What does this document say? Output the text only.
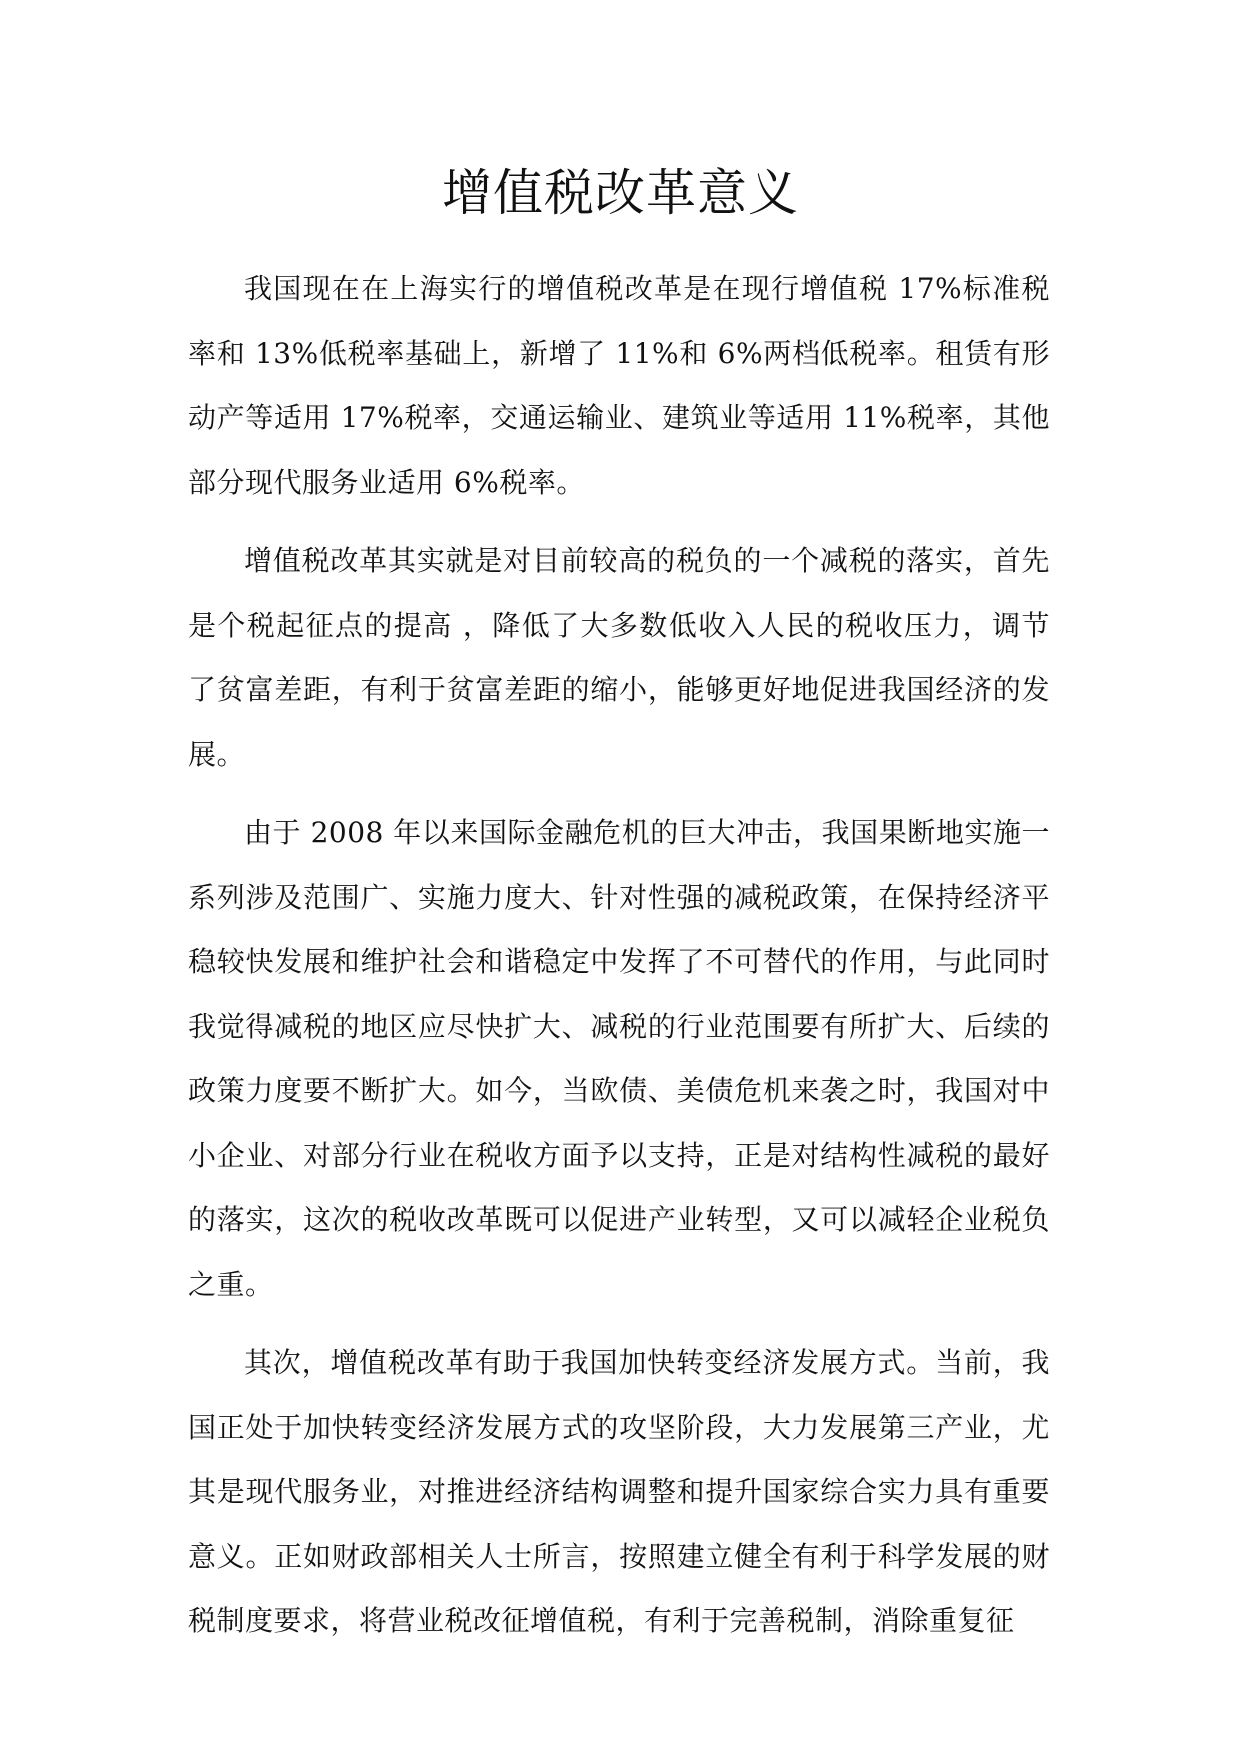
增值税改革意义

我国现在在上海实行的增值税改革是在现行增值税 17%标准税率和 13%低税率基础上，新增了 11%和 6%两档低税率。租赁有形动产等适用 17%税率，交通运输业、建筑业等适用 11%税率，其他部分现代服务业适用 6%税率。

增值税改革其实就是对目前较高的税负的一个减税的落实，首先是个税起征点的提高 ，降低了大多数低收入人民的税收压力，调节了贫富差距，有利于贫富差距的缩小，能够更好地促进我国经济的发展。

由于 2008 年以来国际金融危机的巨大冲击，我国果断地实施一系列涉及范围广、实施力度大、针对性强的减税政策，在保持经济平稳较快发展和维护社会和谐稳定中发挥了不可替代的作用，与此同时我觉得减税的地区应尽快扩大、减税的行业范围要有所扩大、后续的政策力度要不断扩大。如今，当欧债、美债危机来袭之时，我国对中小企业、对部分行业在税收方面予以支持，正是对结构性减税的最好的落实，这次的税收改革既可以促进产业转型，又可以减轻企业税负之重。

其次，增值税改革有助于我国加快转变经济发展方式。当前，我国正处于加快转变经济发展方式的攻坚阶段，大力发展第三产业，尤其是现代服务业，对推进经济结构调整和提升国家综合实力具有重要意义。正如财政部相关人士所言，按照建立健全有利于科学发展的财税制度要求，将营业税改征增值税，有利于完善税制，消除重复征
